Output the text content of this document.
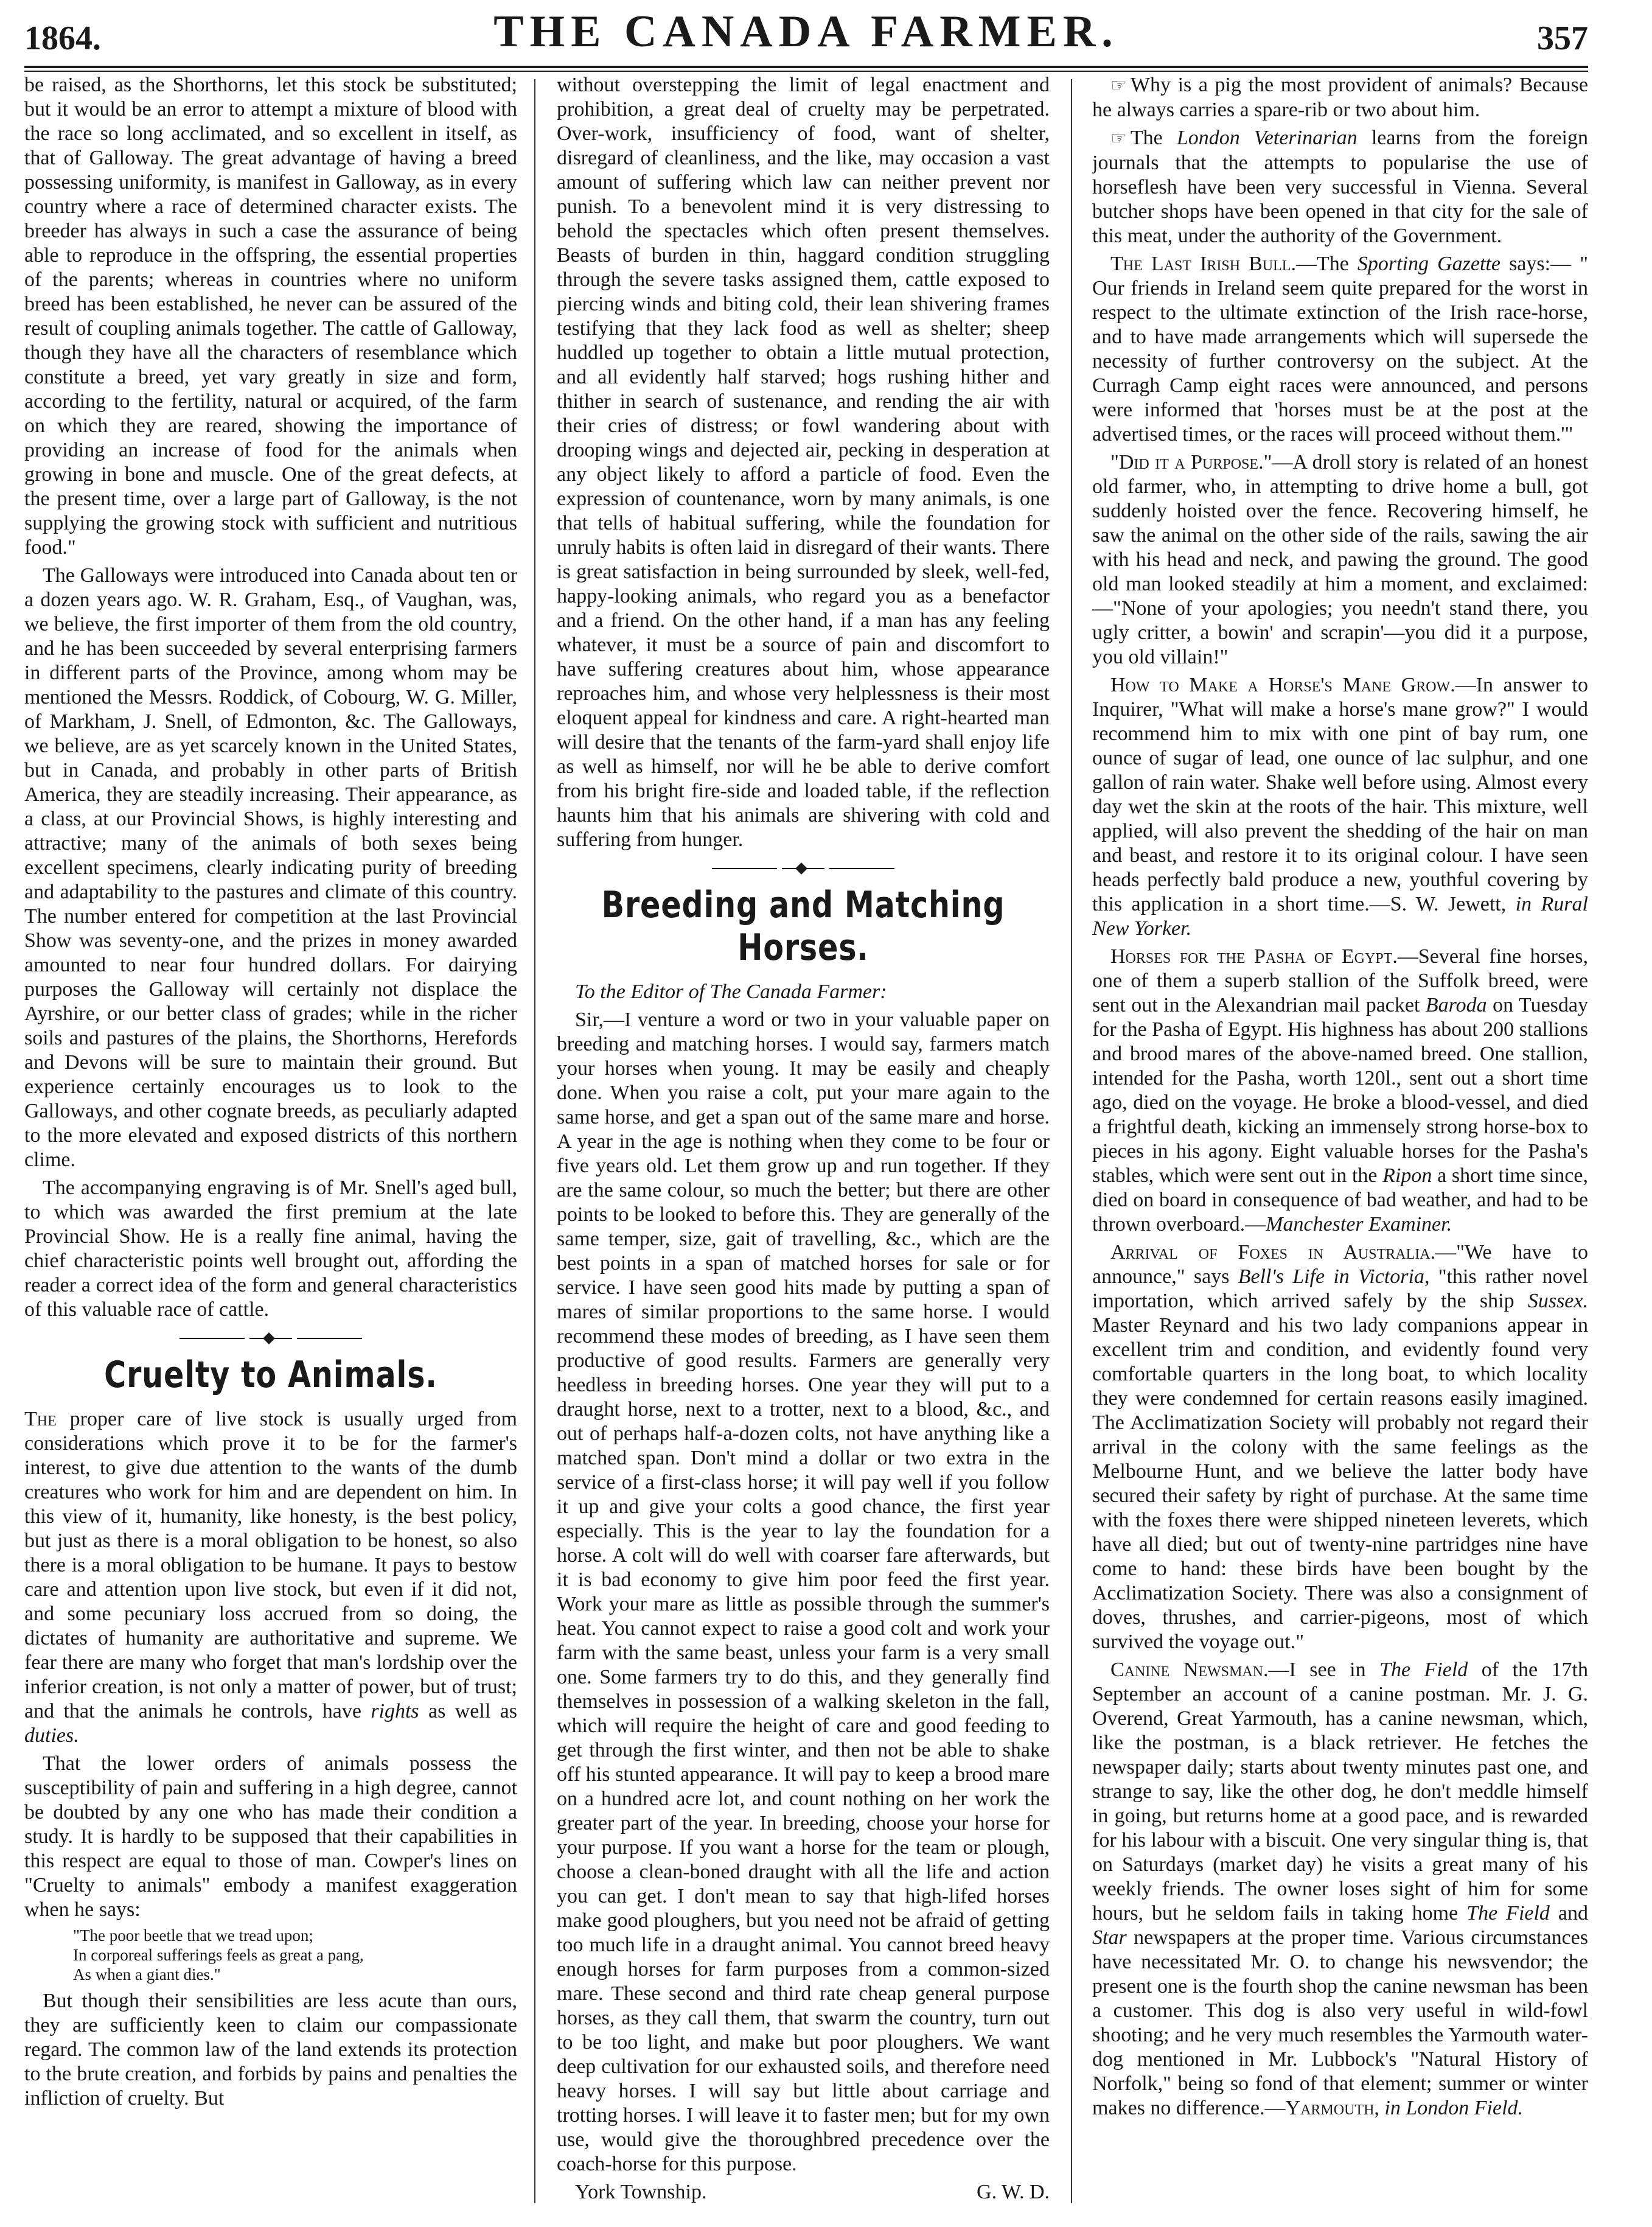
1864.	THE CANADA FARMER.	357

be raised, as the Shorthorns, let this stock be substituted; but it would be an error to attempt a mixture of blood with the race so long acclimated, and so excellent in itself, as that of Galloway. The great advantage of having a breed possessing uniformity, is manifest in Galloway, as in every country where a race of determined character exists. The breeder has always in such a case the assurance of being able to reproduce in the offspring, the essential properties of the parents; whereas in countries where no uniform breed has been established, he never can be assured of the result of coupling animals together. The cattle of Galloway, though they have all the characters of resemblance which constitute a breed, yet vary greatly in size and form, according to the fertility, natural or acquired, of the farm on which they are reared, showing the importance of providing an increase of food for the animals when growing in bone and muscle. One of the great defects, at the present time, over a large part of Galloway, is the not supplying the growing stock with sufficient and nutritious food."

The Galloways were introduced into Canada about ten or a dozen years ago. W. R. Graham, Esq., of Vaughan, was, we believe, the first importer of them from the old country, and he has been succeeded by several enterprising farmers in different parts of the Province, among whom may be mentioned the Messrs. Roddick, of Cobourg, W. G. Miller, of Markham, J. Snell, of Edmonton, &c. The Galloways, we believe, are as yet scarcely known in the United States, but in Canada, and probably in other parts of British America, they are steadily increasing. Their appearance, as a class, at our Provincial Shows, is highly interesting and attractive; many of the animals of both sexes being excellent specimens, clearly indicating purity of breeding and adaptability to the pastures and climate of this country. The number entered for competition at the last Provincial Show was seventy-one, and the prizes in money awarded amounted to near four hundred dollars. For dairying purposes the Galloway will certainly not displace the Ayrshire, or our better class of grades; while in the richer soils and pastures of the plains, the Shorthorns, Herefords and Devons will be sure to maintain their ground. But experience certainly encourages us to look to the Galloways, and other cognate breeds, as peculiarly adapted to the more elevated and exposed districts of this northern clime.

The accompanying engraving is of Mr. Snell's aged bull, to which was awarded the first premium at the late Provincial Show. He is a really fine animal, having the chief characteristic points well brought out, affording the reader a correct idea of the form and general characteristics of this valuable race of cattle.

Cruelty to Animals.

The proper care of live stock is usually urged from considerations which prove it to be for the farmer's interest, to give due attention to the wants of the dumb creatures who work for him and are dependent on him. In this view of it, humanity, like honesty, is the best policy, but just as there is a moral obligation to be honest, so also there is a moral obligation to be humane. It pays to bestow care and attention upon live stock, but even if it did not, and some pecuniary loss accrued from so doing, the dictates of humanity are authoritative and supreme. We fear there are many who forget that man's lordship over the inferior creation, is not only a matter of power, but of trust; and that the animals he controls, have rights as well as duties.

That the lower orders of animals possess the susceptibility of pain and suffering in a high degree, cannot be doubted by any one who has made their condition a study. It is hardly to be supposed that their capabilities in this respect are equal to those of man. Cowper's lines on "Cruelty to animals" embody a manifest exaggeration when he says:

"The poor beetle that we tread upon;
In corporeal sufferings feels as great a pang,
As when a giant dies."

But though their sensibilities are less acute than ours, they are sufficiently keen to claim our compassionate regard. The common law of the land extends its protection to the brute creation, and forbids by pains and penalties the infliction of cruelty. But

without overstepping the limit of legal enactment and prohibition, a great deal of cruelty may be perpetrated. Over-work, insufficiency of food, want of shelter, disregard of cleanliness, and the like, may occasion a vast amount of suffering which law can neither prevent nor punish. To a benevolent mind it is very distressing to behold the spectacles which often present themselves. Beasts of burden in thin, haggard condition struggling through the severe tasks assigned them, cattle exposed to piercing winds and biting cold, their lean shivering frames testifying that they lack food as well as shelter; sheep huddled up together to obtain a little mutual protection, and all evidently half starved; hogs rushing hither and thither in search of sustenance, and rending the air with their cries of distress; or fowl wandering about with drooping wings and dejected air, pecking in desperation at any object likely to afford a particle of food. Even the expression of countenance, worn by many animals, is one that tells of habitual suffering, while the foundation for unruly habits is often laid in disregard of their wants. There is great satisfaction in being surrounded by sleek, well-fed, happy-looking animals, who regard you as a benefactor and a friend. On the other hand, if a man has any feeling whatever, it must be a source of pain and discomfort to have suffering creatures about him, whose appearance reproaches him, and whose very helplessness is their most eloquent appeal for kindness and care. A right-hearted man will desire that the tenants of the farm-yard shall enjoy life as well as himself, nor will he be able to derive comfort from his bright fire-side and loaded table, if the reflection haunts him that his animals are shivering with cold and suffering from hunger.

Breeding and Matching Horses.

To the Editor of The Canada Farmer:

Sir,—I venture a word or two in your valuable paper on breeding and matching horses. I would say, farmers match your horses when young. It may be easily and cheaply done. When you raise a colt, put your mare again to the same horse, and get a span out of the same mare and horse. A year in the age is nothing when they come to be four or five years old. Let them grow up and run together. If they are the same colour, so much the better; but there are other points to be looked to before this. They are generally of the same temper, size, gait of travelling, &c., which are the best points in a span of matched horses for sale or for service. I have seen good hits made by putting a span of mares of similar proportions to the same horse. I would recommend these modes of breeding, as I have seen them productive of good results. Farmers are generally very heedless in breeding horses. One year they will put to a draught horse, next to a trotter, next to a blood, &c., and out of perhaps half-a-dozen colts, not have anything like a matched span. Don't mind a dollar or two extra in the service of a first-class horse; it will pay well if you follow it up and give your colts a good chance, the first year especially. This is the year to lay the foundation for a horse. A colt will do well with coarser fare afterwards, but it is bad economy to give him poor feed the first year. Work your mare as little as possible through the summer's heat. You cannot expect to raise a good colt and work your farm with the same beast, unless your farm is a very small one. Some farmers try to do this, and they generally find themselves in possession of a walking skeleton in the fall, which will require the height of care and good feeding to get through the first winter, and then not be able to shake off his stunted appearance. It will pay to keep a brood mare on a hundred acre lot, and count nothing on her work the greater part of the year. In breeding, choose your horse for your purpose. If you want a horse for the team or plough, choose a clean-boned draught with all the life and action you can get. I don't mean to say that high-lifed horses make good ploughers, but you need not be afraid of getting too much life in a draught animal. You cannot breed heavy enough horses for farm purposes from a common-sized mare. These second and third rate cheap general purpose horses, as they call them, that swarm the country, turn out to be too light, and make but poor ploughers. We want deep cultivation for our exhausted soils, and therefore need heavy horses. I will say but little about carriage and trotting horses. I will leave it to faster men; but for my own use, would give the thoroughbred precedence over the coach-horse for this purpose.

York Township.	G. W. D.

☞ Why is a pig the most provident of animals? Because he always carries a spare-rib or two about him.

☞ The London Veterinarian learns from the foreign journals that the attempts to popularise the use of horseflesh have been very successful in Vienna. Several butcher shops have been opened in that city for the sale of this meat, under the authority of the Government.

The Last Irish Bull.—The Sporting Gazette says:— " Our friends in Ireland seem quite prepared for the worst in respect to the ultimate extinction of the Irish race-horse, and to have made arrangements which will supersede the necessity of further controversy on the subject. At the Curragh Camp eight races were announced, and persons were informed that 'horses must be at the post at the advertised times, or the races will proceed without them.'"

"Did it a Purpose."—A droll story is related of an honest old farmer, who, in attempting to drive home a bull, got suddenly hoisted over the fence. Recovering himself, he saw the animal on the other side of the rails, sawing the air with his head and neck, and pawing the ground. The good old man looked steadily at him a moment, and exclaimed:—"None of your apologies; you needn't stand there, you ugly critter, a bowin' and scrapin'—you did it a purpose, you old villain!"

How to Make a Horse's Mane Grow.—In answer to Inquirer, "What will make a horse's mane grow?" I would recommend him to mix with one pint of bay rum, one ounce of sugar of lead, one ounce of lac sulphur, and one gallon of rain water. Shake well before using. Almost every day wet the skin at the roots of the hair. This mixture, well applied, will also prevent the shedding of the hair on man and beast, and restore it to its original colour. I have seen heads perfectly bald produce a new, youthful covering by this application in a short time.—S. W. Jewett, in Rural New Yorker.

Horses for the Pasha of Egypt.—Several fine horses, one of them a superb stallion of the Suffolk breed, were sent out in the Alexandrian mail packet Baroda on Tuesday for the Pasha of Egypt. His highness has about 200 stallions and brood mares of the above-named breed. One stallion, intended for the Pasha, worth 120l., sent out a short time ago, died on the voyage. He broke a blood-vessel, and died a frightful death, kicking an immensely strong horse-box to pieces in his agony. Eight valuable horses for the Pasha's stables, which were sent out in the Ripon a short time since, died on board in consequence of bad weather, and had to be thrown overboard.—Manchester Examiner.

Arrival of Foxes in Australia.—"We have to announce," says Bell's Life in Victoria, "this rather novel importation, which arrived safely by the ship Sussex. Master Reynard and his two lady companions appear in excellent trim and condition, and evidently found very comfortable quarters in the long boat, to which locality they were condemned for certain reasons easily imagined. The Acclimatization Society will probably not regard their arrival in the colony with the same feelings as the Melbourne Hunt, and we believe the latter body have secured their safety by right of purchase. At the same time with the foxes there were shipped nineteen leverets, which have all died; but out of twenty-nine partridges nine have come to hand: these birds have been bought by the Acclimatization Society. There was also a consignment of doves, thrushes, and carrier-pigeons, most of which survived the voyage out."

Canine Newsman.—I see in The Field of the 17th September an account of a canine postman. Mr. J. G. Overend, Great Yarmouth, has a canine newsman, which, like the postman, is a black retriever. He fetches the newspaper daily; starts about twenty minutes past one, and strange to say, like the other dog, he don't meddle himself in going, but returns home at a good pace, and is rewarded for his labour with a biscuit. One very singular thing is, that on Saturdays (market day) he visits a great many of his weekly friends. The owner loses sight of him for some hours, but he seldom fails in taking home The Field and Star newspapers at the proper time. Various circumstances have necessitated Mr. O. to change his newsvendor; the present one is the fourth shop the canine newsman has been a customer. This dog is also very useful in wild-fowl shooting; and he very much resembles the Yarmouth water-dog mentioned in Mr. Lubbock's "Natural History of Norfolk," being so fond of that element; summer or winter makes no difference.—Yarmouth, in London Field.
